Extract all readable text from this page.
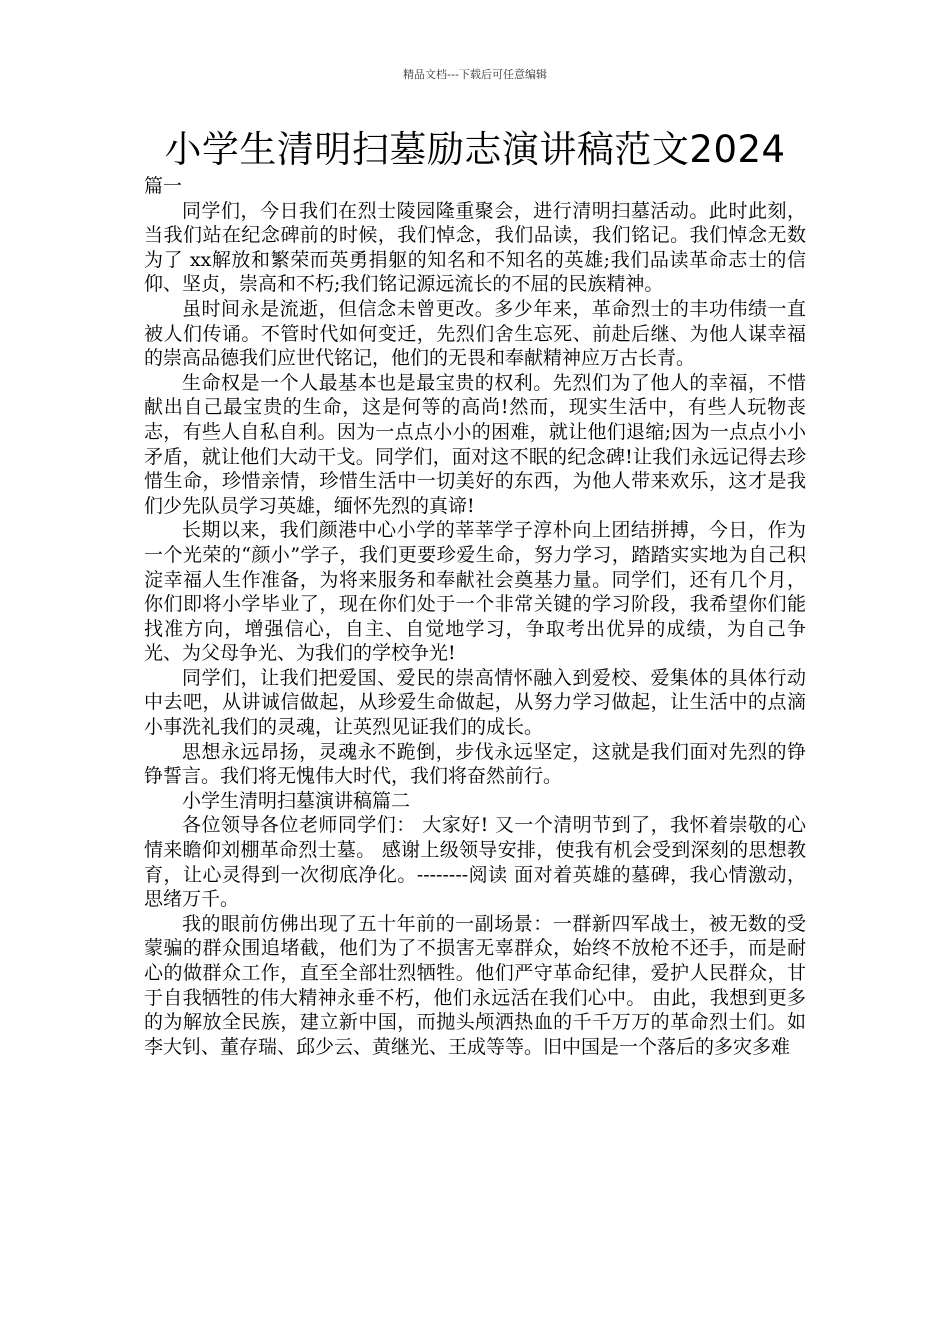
精品文档---下载后可任意编辑
小学生清明扫墓励志演讲稿范文2024

篇一

同学们，今日我们在烈士陵园隆重聚会，进行清明扫墓活动。此时此刻，当我们站在纪念碑前的时候，我们悼念，我们品读，我们铭记。我们悼念无数为了 xx解放和繁荣而英勇捐躯的知名和不知名的英雄;我们品读革命志士的信仰、坚贞，崇高和不朽;我们铭记源远流长的不屈的民族精神。

虽时间永是流逝，但信念未曾更改。多少年来，革命烈士的丰功伟绩一直被人们传诵。不管时代如何变迁，先烈们舍生忘死、前赴后继、为他人谋幸福的崇高品德我们应世代铭记，他们的无畏和奉献精神应万古长青。

生命权是一个人最基本也是最宝贵的权利。先烈们为了他人的幸福，不惜献出自己最宝贵的生命，这是何等的高尚!然而，现实生活中，有些人玩物丧志，有些人自私自利。因为一点点小小的困难，就让他们退缩;因为一点点小小矛盾，就让他们大动干戈。同学们，面对这不眠的纪念碑!让我们永远记得去珍惜生命，珍惜亲情，珍惜生活中一切美好的东西，为他人带来欢乐，这才是我们少先队员学习英雄，缅怀先烈的真谛!

长期以来，我们颜港中心小学的莘莘学子淳朴向上团结拼搏，今日，作为一个光荣的“颜小”学子，我们更要珍爱生命，努力学习，踏踏实实地为自己积淀幸福人生作准备，为将来服务和奉献社会奠基力量。同学们，还有几个月，你们即将小学毕业了，现在你们处于一个非常关键的学习阶段，我希望你们能找准方向，增强信心，自主、自觉地学习，争取考出优异的成绩，为自己争光、为父母争光、为我们的学校争光!

同学们，让我们把爱国、爱民的崇高情怀融入到爱校、爱集体的具体行动中去吧，从讲诚信做起，从珍爱生命做起，从努力学习做起，让生活中的点滴小事洗礼我们的灵魂，让英烈见证我们的成长。

思想永远昂扬，灵魂永不跪倒，步伐永远坚定，这就是我们面对先烈的铮铮誓言。我们将无愧伟大时代，我们将奋然前行。

小学生清明扫墓演讲稿篇二

各位领导各位老师同学们： 大家好! 又一个清明节到了，我怀着崇敬的心情来瞻仰刘棚革命烈士墓。 感谢上级领导安排，使我有机会受到深刻的思想教育，让心灵得到一次彻底净化。--------阅读 面对着英雄的墓碑，我心情激动，思绪万千。

我的眼前仿佛出现了五十年前的一副场景：一群新四军战士，被无数的受蒙骗的群众围追堵截，他们为了不损害无辜群众，始终不放枪不还手，而是耐心的做群众工作，直至全部壮烈牺牲。他们严守革命纪律，爱护人民群众，甘于自我牺牲的伟大精神永垂不朽，他们永远活在我们心中。 由此，我想到更多的为解放全民族，建立新中国，而抛头颅洒热血的千千万万的革命烈士们。如李大钊、董存瑞、邱少云、黄继光、王成等等。旧中国是一个落后的多灾多难
